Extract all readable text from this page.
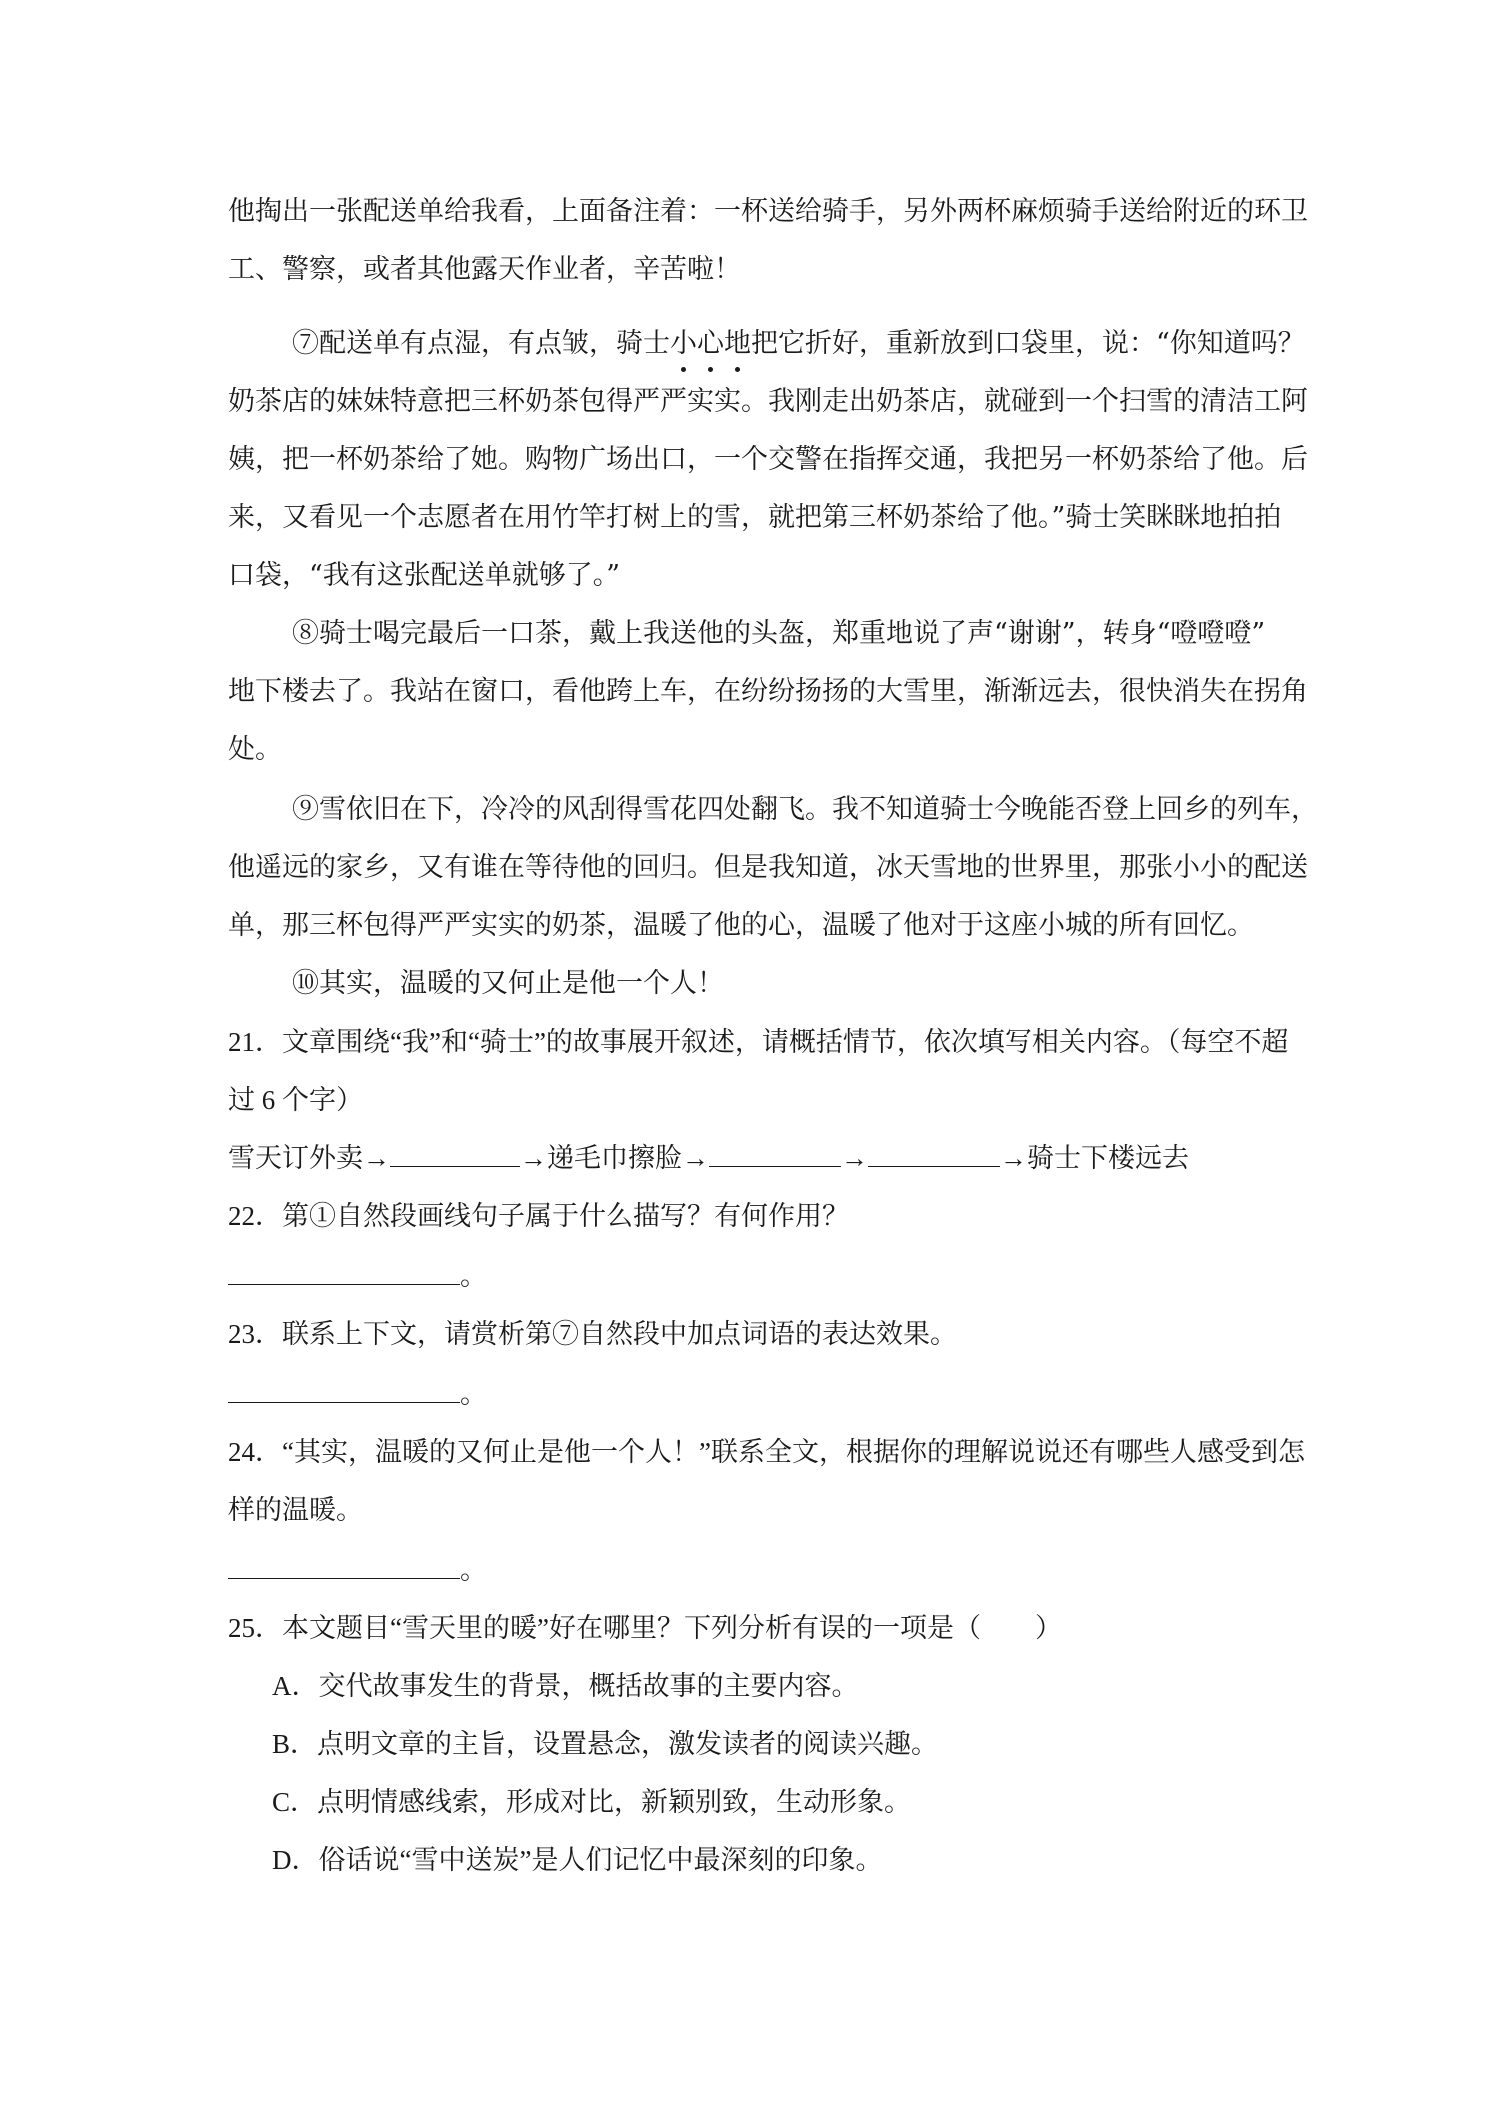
他掏出一张配送单给我看，上面备注着：一杯送给骑手，另外两杯麻烦骑手送给附近的环卫
工、警察，或者其他露天作业者，辛苦啦！
⑦配送单有点湿，有点皱，骑士小心地把它折好，重新放到口袋里，说：“你知道吗？
奶茶店的妹妹特意把三杯奶茶包得严严实实。我刚走出奶茶店，就碰到一个扫雪的清洁工阿
姨，把一杯奶茶给了她。购物广场出口，一个交警在指挥交通，我把另一杯奶茶给了他。后
来，又看见一个志愿者在用竹竿打树上的雪，就把第三杯奶茶给了他。”骑士笑眯眯地拍拍
口袋，“我有这张配送单就够了。”
⑧骑士喝完最后一口茶，戴上我送他的头盔，郑重地说了声“谢谢”，转身“噔噔噔”
地下楼去了。我站在窗口，看他跨上车，在纷纷扬扬的大雪里，渐渐远去，很快消失在拐角
处。
⑨雪依旧在下，冷冷的风刮得雪花四处翻飞。我不知道骑士今晚能否登上回乡的列车，
他遥远的家乡，又有谁在等待他的回归。但是我知道，冰天雪地的世界里，那张小小的配送
单，那三杯包得严严实实的奶茶，温暖了他的心，温暖了他对于这座小城的所有回忆。
⑩其实，温暖的又何止是他一个人！
21．文章围绕“我”和“骑士”的故事展开叙述，请概括情节，依次填写相关内容。（每空不超
过 6 个字）
雪天订外卖→	→递毛巾擦脸→	→	→骑士下楼远去
22．第①自然段画线句子属于什么描写？有何作用？
。
23．联系上下文，请赏析第⑦自然段中加点词语的表达效果。
。
24．“其实，温暖的又何止是他一个人！”联系全文，根据你的理解说说还有哪些人感受到怎
样的温暖。
。
25．本文题目“雪天里的暖”好在哪里？下列分析有误的一项是（　　）
A．交代故事发生的背景，概括故事的主要内容。
B．点明文章的主旨，设置悬念，激发读者的阅读兴趣。
C．点明情感线索，形成对比，新颖别致，生动形象。
D．俗话说“雪中送炭”是人们记忆中最深刻的印象。
